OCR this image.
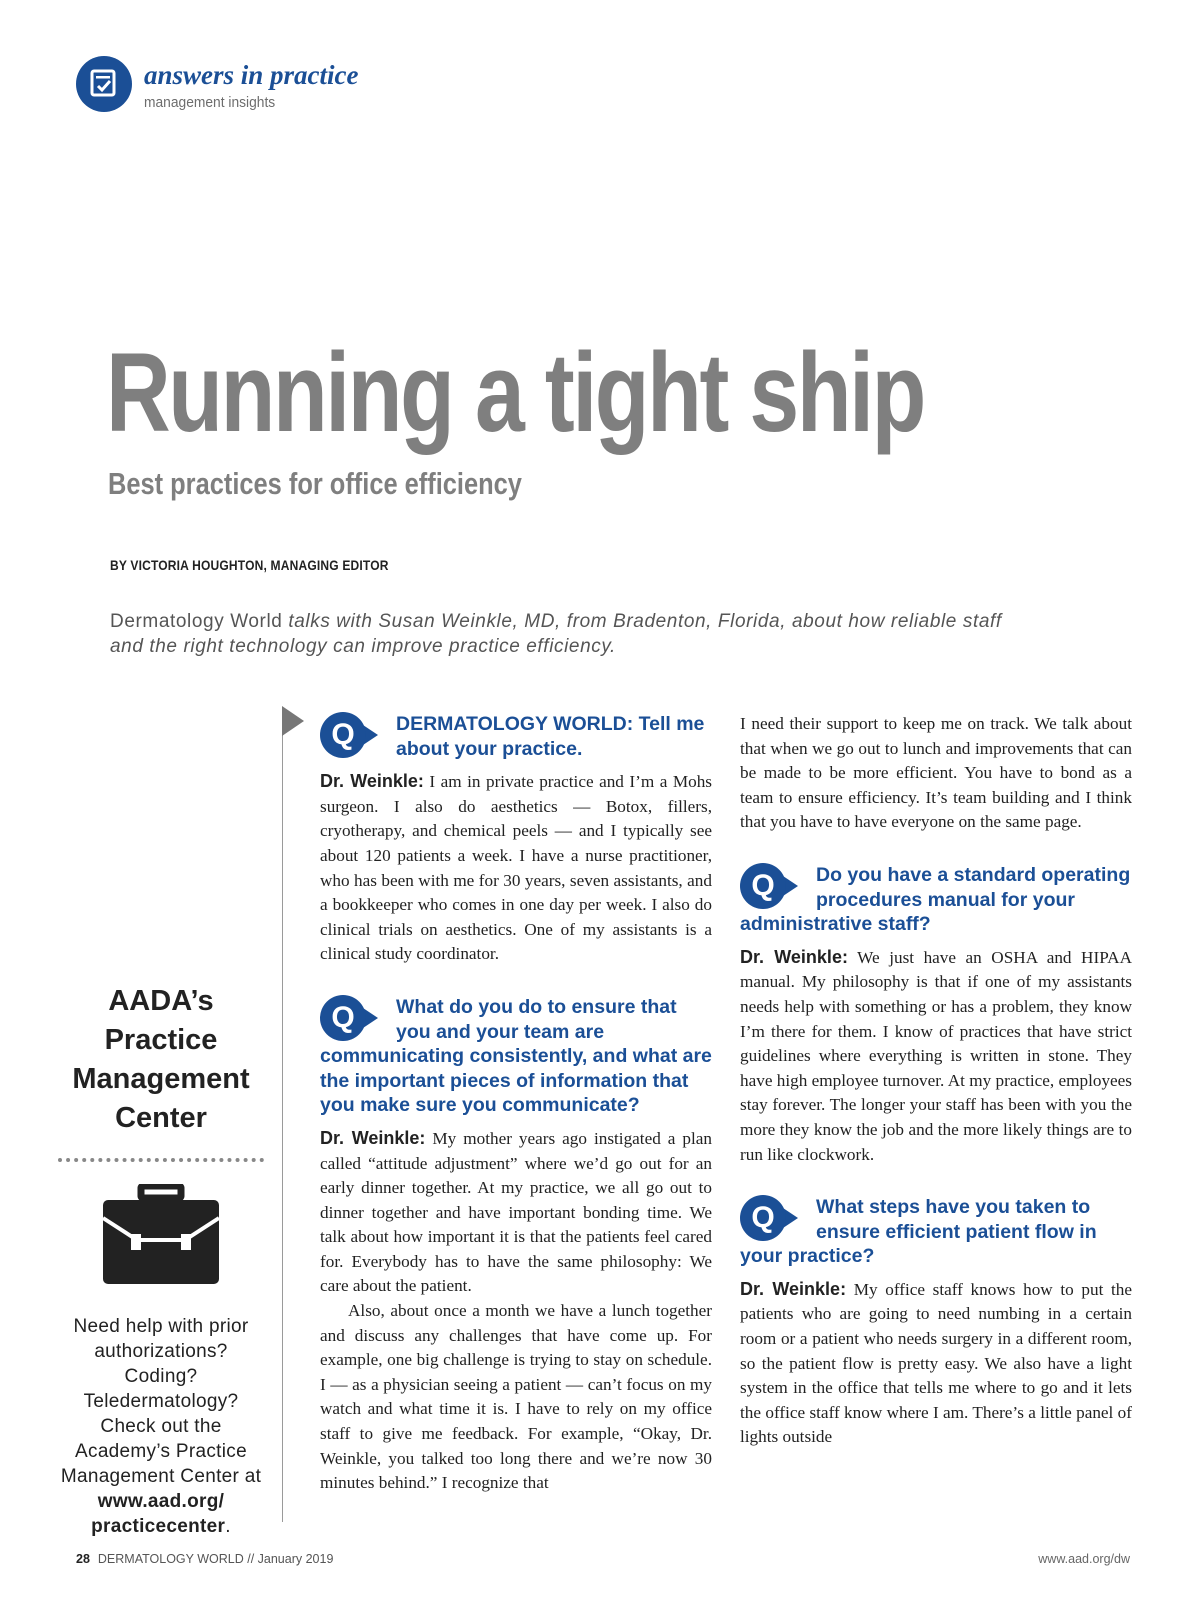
answers in practice
management insights
Running a tight ship
Best practices for office efficiency
BY VICTORIA HOUGHTON, MANAGING EDITOR

Dermatology World talks with Susan Weinkle, MD, from Bradenton, Florida, about how reliable staff and the right technology can improve practice efficiency.

AADA’s Practice Management Center

Need help with prior authorizations? Coding? Teledermatology? Check out the Academy’s Practice Management Center at www.aad.org/ practicecenter.

Q	DERMATOLOGY WORLD: Tell me about your practice.

Dr. Weinkle: I am in private practice and I’m a Mohs surgeon. I also do aesthetics — Botox, fillers, cryotherapy, and chemical peels — and I typically see about 120 patients a week. I have a nurse practitioner, who has been with me for 30 years, seven assistants, and a bookkeeper who comes in one day per week. I also do clinical trials on aesthetics. One of my assistants is a clinical study coordinator.

Q	What do you do to ensure that you and your team are communicating consistently, and what are the important pieces of information that you make sure you communicate?

Dr. Weinkle: My mother years ago instigated a plan called “attitude adjustment” where we’d go out for an early dinner together. At my practice, we all go out to dinner together and have important bonding time. We talk about how important it is that the patients feel cared for. Everybody has to have the same philosophy: We care about the patient.

Also, about once a month we have a lunch together and discuss any challenges that have come up. For example, one big challenge is trying to stay on schedule. I — as a physician seeing a patient — can’t focus on my watch and what time it is. I have to rely on my office staff to give me feedback. For example, “Okay, Dr. Weinkle, you talked too long there and we’re now 30 minutes behind.” I recognize that

I need their support to keep me on track. We talk about that when we go out to lunch and improvements that can be made to be more efficient. You have to bond as a team to ensure efficiency. It’s team building and I think that you have to have everyone on the same page.

Q	Do you have a standard operating procedures manual for your administrative staff?

Dr. Weinkle: We just have an OSHA and HIPAA manual. My philosophy is that if one of my assistants needs help with something or has a problem, they know I’m there for them. I know of practices that have strict guidelines where everything is written in stone. They have high employee turnover. At my practice, employees stay forever. The longer your staff has been with you the more they know the job and the more likely things are to run like clockwork.

Q	What steps have you taken to ensure efficient patient flow in your practice?

Dr. Weinkle: My office staff knows how to put the patients who are going to need numbing in a certain room or a patient who needs surgery in a different room, so the patient flow is pretty easy. We also have a light system in the office that tells me where to go and it lets the office staff know where I am. There’s a little panel of lights outside

28 DERMATOLOGY WORLD // January 2019	www.aad.org/dw
